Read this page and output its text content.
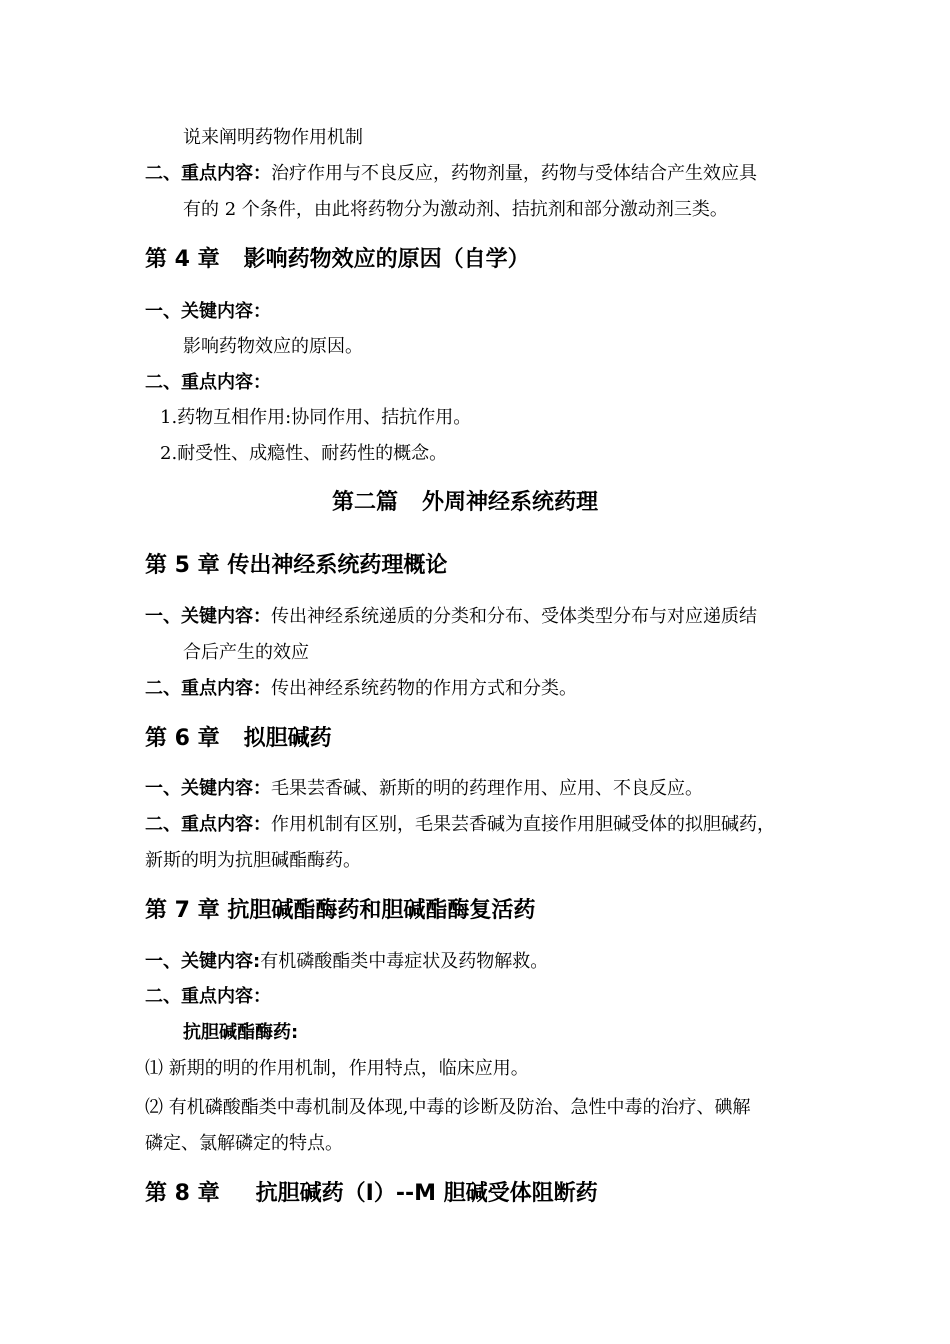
说来阐明药物作用机制
二、重点内容：治疗作用与不良反应，药物剂量，药物与受体结合产生效应具
有的 2 个条件，由此将药物分为激动剂、拮抗剂和部分激动剂三类。
第 4 章 影响药物效应的原因（自学）
一、关键内容：
影响药物效应的原因。
二、重点内容：
1.药物互相作用:协同作用、拮抗作用。
2.耐受性、成瘾性、耐药性的概念。
第二篇 外周神经系统药理
第 5 章 传出神经系统药理概论
一、关键内容：传出神经系统递质的分类和分布、受体类型分布与对应递质结
合后产生的效应
二、重点内容：传出神经系统药物的作用方式和分类。
第 6 章 拟胆碱药
一、关键内容：毛果芸香碱、新斯的明的药理作用、应用、不良反应。
二、重点内容：作用机制有区别，毛果芸香碱为直接作用胆碱受体的拟胆碱药，
新斯的明为抗胆碱酯酶药。
第 7 章 抗胆碱酯酶药和胆碱酯酶复活药
一、关键内容:有机磷酸酯类中毒症状及药物解救。
二、重点内容：
抗胆碱酯酶药:
⑴ 新期的明的作用机制，作用特点，临床应用。
⑵ 有机磷酸酯类中毒机制及体现,中毒的诊断及防治、急性中毒的治疗、碘解
磷定、氯解磷定的特点。
第 8 章 抗胆碱药（I）--M 胆碱受体阻断药
